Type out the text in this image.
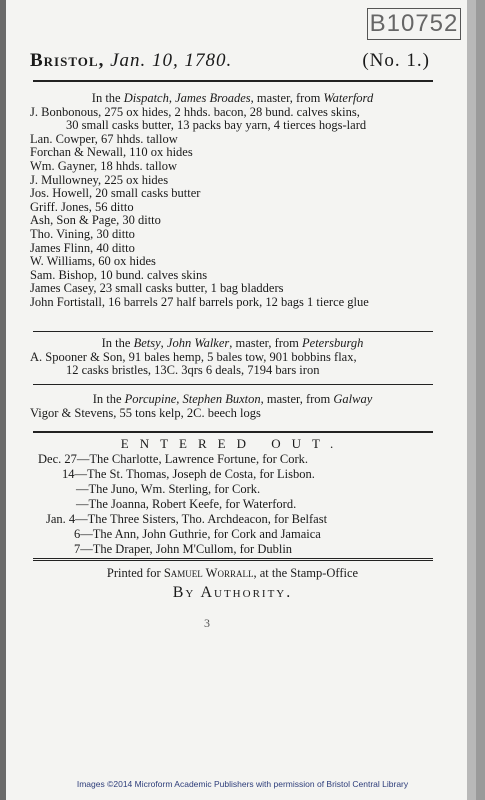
B10752
Bristol, Jan. 10, 1780.	(No. 1.)
In the Dispatch, James Broades, master, from Waterford
J. Bonbonous, 275 ox hides, 2 hhds. bacon, 28 bund. calves skins,
30 small casks butter, 13 packs bay yarn, 4 tierces hogs-lard
Lan. Cowper, 67 hhds. tallow
Forchan & Newall, 110 ox hides
Wm. Gayner, 18 hhds. tallow
J. Mullowney, 225 ox hides
Jos. Howell, 20 small casks butter
Griff. Jones, 56 ditto
Ash, Son & Page, 30 ditto
Tho. Vining, 30 ditto
James Flinn, 40 ditto
W. Williams, 60 ox hides
Sam. Bishop, 10 bund. calves skins
James Casey, 23 small casks butter, 1 bag bladders
John Fortistall, 16 barrels 27 half barrels pork, 12 bags 1 tierce glue
In the Betsy, John Walker, master, from Petersburgh
A. Spooner & Son, 91 bales hemp, 5 bales tow, 901 bobbins flax,
12 casks bristles, 13C. 3qrs 6 deals, 7194 bars iron
In the Porcupine, Stephen Buxton, master, from Galway
Vigor & Stevens, 55 tons kelp, 2C. beech logs
ENTERED OUT.
Dec. 27—The Charlotte, Lawrence Fortune, for Cork.
14—The St. Thomas, Joseph de Costa, for Lisbon.
—The Juno, Wm. Sterling, for Cork.
—The Joanna, Robert Keefe, for Waterford.
Jan. 4—The Three Sisters, Tho. Archdeacon, for Belfast
6—The Ann, John Guthrie, for Cork and Jamaica
7—The Draper, John M'Cullom, for Dublin
Printed for Samuel Worrall, at the Stamp-Office
By Authority.
3
Images ©2014 Microform Academic Publishers with permission of Bristol Central Library
